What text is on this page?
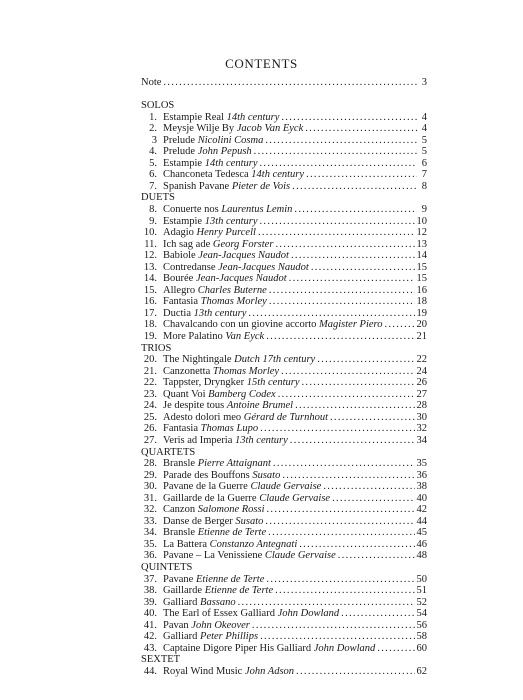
CONTENTS
Note .....	3
SOLOS
1. Estampie Real 14th century .....	4
2. Meysje Wilje By Jacob Van Eyck .....	4
3 Prelude Nicolini Cosma .....	5
4. Prelude John Pepush .....	5
5. Estampie 14th century .....	6
6. Chanconeta Tedesca 14th century .....	7
7. Spanish Pavane Pieter de Vois .....	8
DUETS
8. Conuerte nos Laurentus Lemin .....	9
9. Estampie 13th century .....	10
10. Adagio Henry Purcell .....	12
11. Ich sag ade Georg Forster .....	13
12. Babiole Jean-Jacques Naudot .....	14
13. Contredanse Jean-Jacques Naudot .....	15
14. Bourée Jean-Jacques Naudot .....	15
15. Allegro Charles Buterne .....	16
16. Fantasia Thomas Morley .....	18
17. Ductia 13th century .....	19
18. Chavalcando con un giovine accorto Magister Piero .....	20
19. More Palatino Van Eyck .....	21
TRIOS
20. The Nightingale Dutch 17th century .....	22
21. Canzonetta Thomas Morley .....	24
22. Tappster, Dryngker 15th century .....	26
23. Quant Voi Bamberg Codex .....	27
24. Je despite tous Antoine Brumel .....	28
25. Adesto dolori meo Gérard de Turnhout .....	30
26. Fantasia Thomas Lupo .....	32
27. Veris ad Imperia 13th century .....	34
QUARTETS
28. Bransle Pierre Attaignant .....	35
29. Parade des Bouffons Susato .....	36
30. Pavane de la Guerre Claude Gervaise .....	38
31. Gaillarde de la Guerre Claude Gervaise .....	40
32. Canzon Salomone Rossi .....	42
33. Danse de Berger Susato .....	44
34. Bransle Etienne de Terte .....	45
35. La Battera Constanzo Antegnati .....	46
36. Pavane – La Venissiene Claude Gervaise .....	48
QUINTETS
37. Pavane Etienne de Terte .....	50
38. Gaillarde Etienne de Terte .....	51
39. Galliard Bassano .....	52
40. The Earl of Essex Galliard John Dowland .....	54
41. Pavan John Okeover .....	56
42. Galliard Peter Phillips .....	58
43. Captaine Digore Piper His Galliard John Dowland .....	60
SEXTET
44. Royal Wind Music John Adson .....	62
